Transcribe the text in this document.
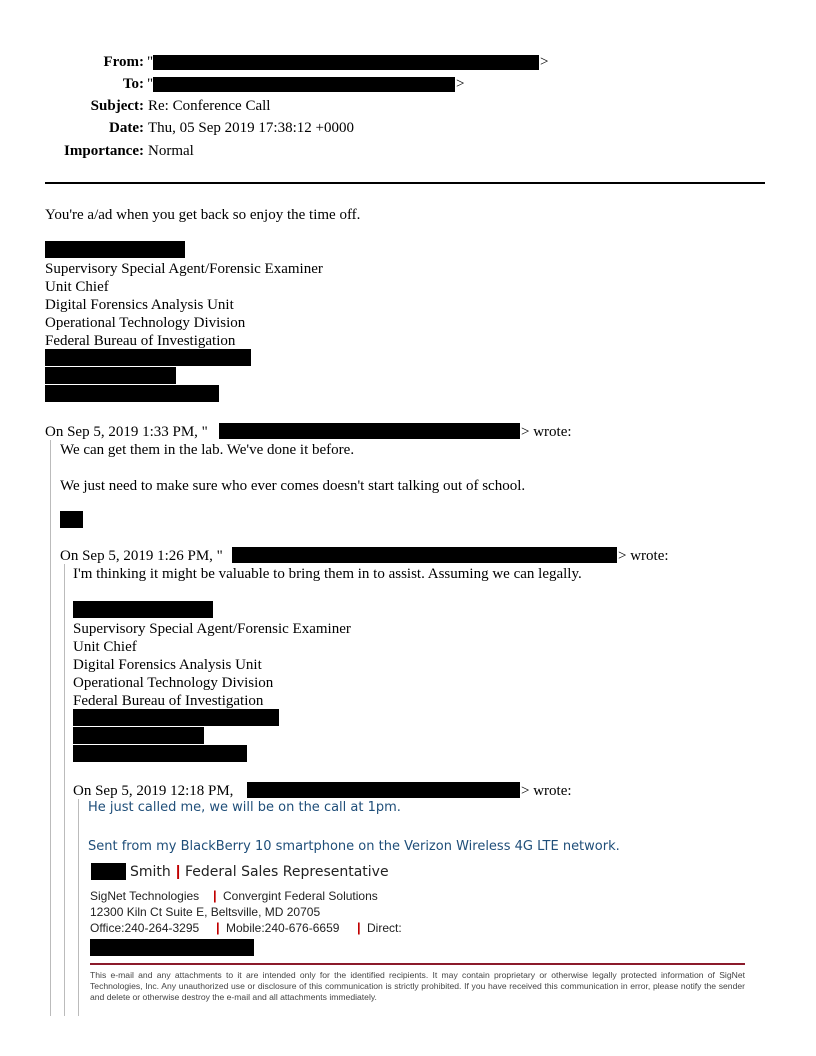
From: "	>
To: "	>
Subject: Re: Conference Call
Date: Thu, 05 Sep 2019 17:38:12 +0000
Importance: Normal
You're a/ad when you get back so enjoy the time off.
Supervisory Special Agent/Forensic Examiner
Unit Chief
Digital Forensics Analysis Unit
Operational Technology Division
Federal Bureau of Investigation
On Sep 5, 2019 1:33 PM, "	> wrote:
We can get them in the lab. We've done it before.
We just need to make sure who ever comes doesn't start talking out of school.
On Sep 5, 2019 1:26 PM, "	> wrote:
I'm thinking it might be valuable to bring them in to assist. Assuming we can legally.
Supervisory Special Agent/Forensic Examiner
Unit Chief
Digital Forensics Analysis Unit
Operational Technology Division
Federal Bureau of Investigation
On Sep 5, 2019 12:18 PM,	> wrote:
He just called me, we will be on the call at 1pm.
Sent from my BlackBerry 10 smartphone on the Verizon Wireless 4G LTE network.
Smith | Federal Sales Representative
SigNet Technologies | Convergint Federal Solutions
12300 Kiln Ct Suite E, Beltsville, MD 20705
Office:240-264-3295 | Mobile:240-676-6659 | Direct:
This e-mail and any attachments to it are intended only for the identified recipients. It may contain proprietary or otherwise legally protected information of SigNet Technologies, Inc. Any unauthorized use or disclosure of this communication is strictly prohibited. If you have received this communication in error, please notify the sender and delete or otherwise destroy the e-mail and all attachments immediately.
